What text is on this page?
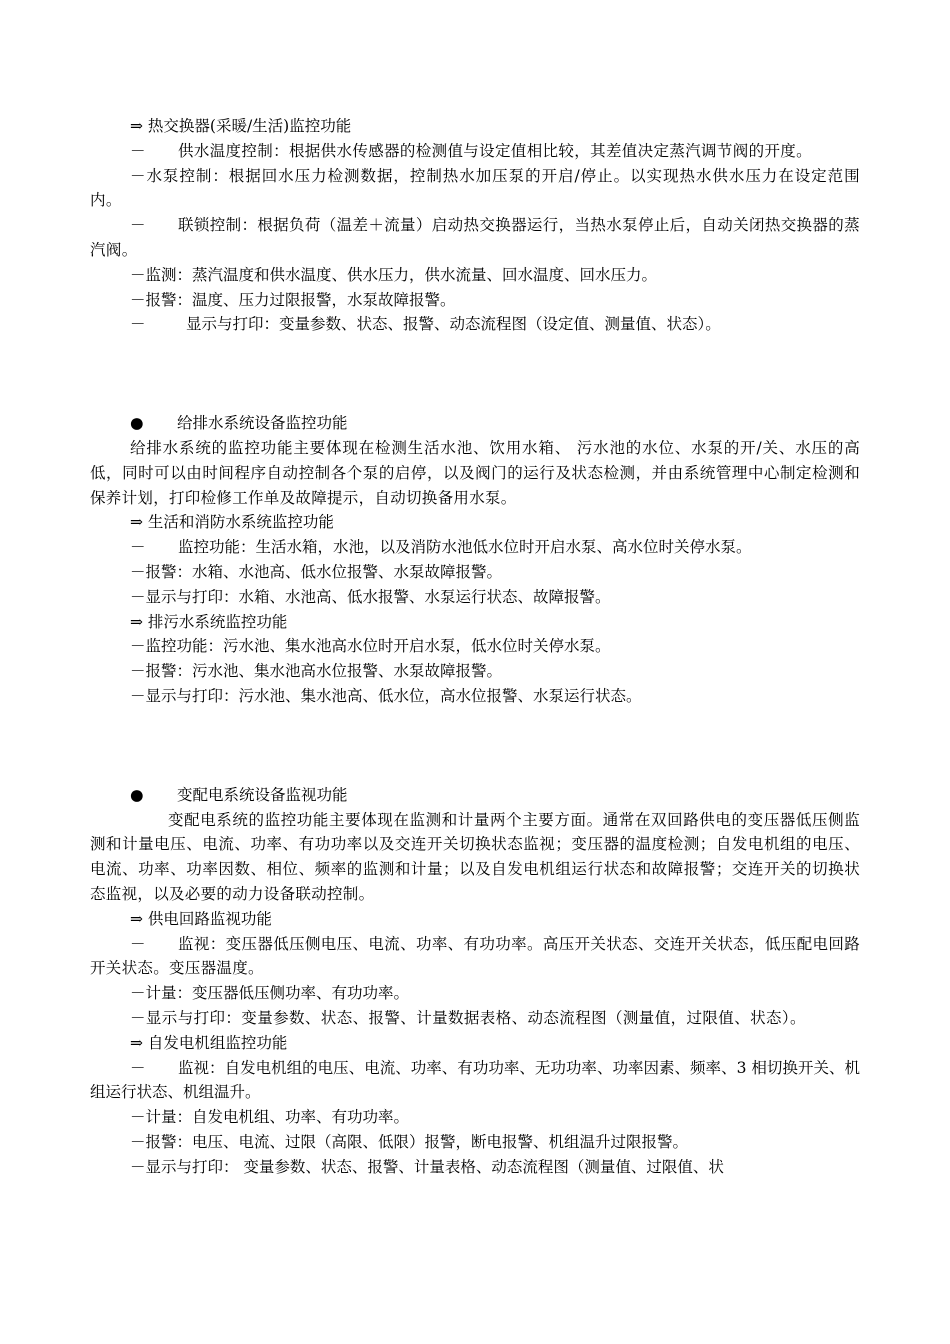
⇒ 热交换器(采暖/生活)监控功能
－ 供水温度控制：根据供水传感器的检测值与设定值相比较，其差值决定蒸汽调节阀的开度。
－水泵控制：根据回水压力检测数据，控制热水加压泵的开启/停止。以实现热水供水压力在设定范围内。
－ 联锁控制：根据负荷（温差＋流量）启动热交换器运行，当热水泵停止后，自动关闭热交换器的蒸汽阀。
－监测：蒸汽温度和供水温度、供水压力，供水流量、回水温度、回水压力。
－报警：温度、压力过限报警，水泵故障报警。
－	显示与打印：变量参数、状态、报警、动态流程图（设定值、测量值、状态）。
● 给排水系统设备监控功能
给排水系统的监控功能主要体现在检测生活水池、饮用水箱、 污水池的水位、水泵的开/关、水压的高低，同时可以由时间程序自动控制各个泵的启停，以及阀门的运行及状态检测，并由系统管理中心制定检测和保养计划，打印检修工作单及故障提示，自动切换备用水泵。
⇒ 生活和消防水系统监控功能
－ 监控功能：生活水箱，水池，以及消防水池低水位时开启水泵、高水位时关停水泵。
－报警：水箱、水池高、低水位报警、水泵故障报警。
－显示与打印：水箱、水池高、低水报警、水泵运行状态、故障报警。
⇒ 排污水系统监控功能
－监控功能：污水池、集水池高水位时开启水泵，低水位时关停水泵。
－报警：污水池、集水池高水位报警、水泵故障报警。
－显示与打印：污水池、集水池高、低水位，高水位报警、水泵运行状态。
● 变配电系统设备监视功能
变配电系统的监控功能主要体现在监测和计量两个主要方面。通常在双回路供电的变压器低压侧监测和计量电压、电流、功率、有功功率以及交连开关切换状态监视；变压器的温度检测；自发电机组的电压、电流、功率、功率因数、相位、频率的监测和计量；以及自发电机组运行状态和故障报警；交连开关的切换状态监视，以及必要的动力设备联动控制。
⇒ 供电回路监视功能
－ 监视：变压器低压侧电压、电流、功率、有功功率。高压开关状态、交连开关状态，低压配电回路开关状态。变压器温度。
－计量：变压器低压侧功率、有功功率。
－显示与打印：变量参数、状态、报警、计量数据表格、动态流程图（测量值，过限值、状态）。
⇒ 自发电机组监控功能
－ 监视：自发电机组的电压、电流、功率、有功功率、无功功率、功率因素、频率、3 相切换开关、机组运行状态、机组温升。
－计量：自发电机组、功率、有功功率。
－报警：电压、电流、过限（高限、低限）报警，断电报警、机组温升过限报警。
－显示与打印： 变量参数、状态、报警、计量表格、动态流程图（测量值、过限值、状
